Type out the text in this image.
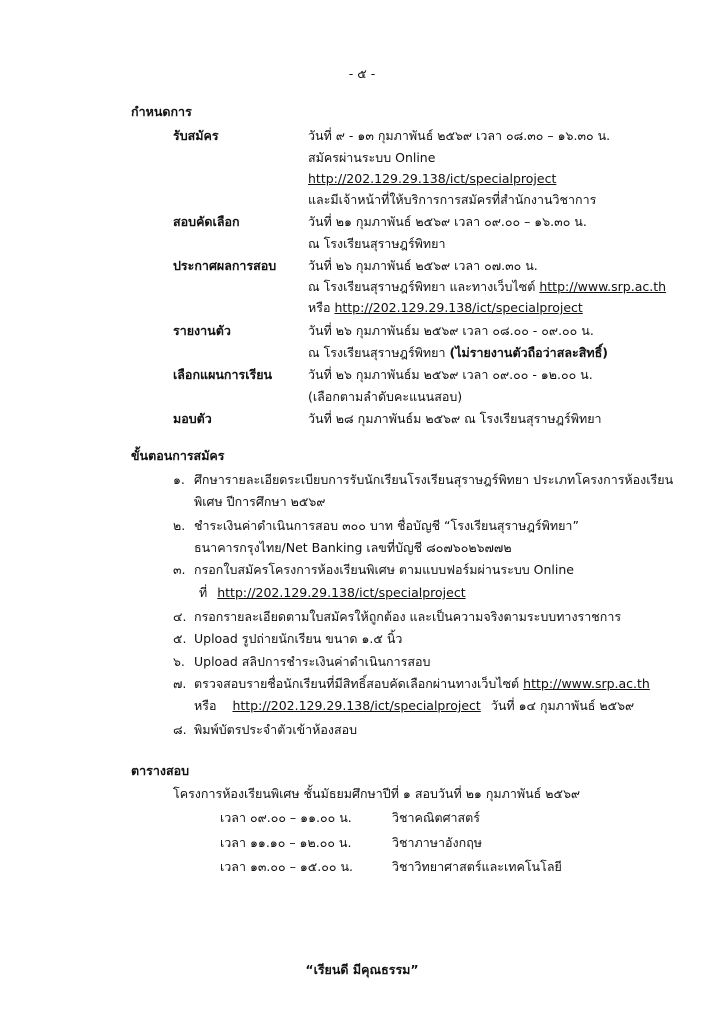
- ๕ -
กำหนดการ
รับสมัคร	วันที่ ๙ - ๑๓ กุมภาพันธ์ ๒๕๖๙ เวลา ๐๘.๓๐ – ๑๖.๓๐ น.
สมัครผ่านระบบ Online
http://202.129.29.138/ict/specialproject
และมีเจ้าหน้าที่ให้บริการการสมัครที่สำนักงานวิชาการ
สอบคัดเลือก	วันที่ ๒๑ กุมภาพันธ์ ๒๕๖๙ เวลา ๐๙.๐๐ – ๑๖.๓๐ น.
ณ โรงเรียนสุราษฎร์พิทยา
ประกาศผลการสอบ	วันที่ ๒๖ กุมภาพันธ์ ๒๕๖๙ เวลา ๐๗.๓๐ น.
ณ โรงเรียนสุราษฎร์พิทยา และทางเว็บไซต์ http://www.srp.ac.th
หรือ http://202.129.29.138/ict/specialproject
รายงานตัว	วันที่ ๒๖ กุมภาพันธ์ม ๒๕๖๙ เวลา ๐๘.๐๐ - ๐๙.๐๐ น.
ณ โรงเรียนสุราษฎร์พิทยา (ไม่รายงานตัวถือว่าสละสิทธิ์)
เลือกแผนการเรียน	วันที่ ๒๖ กุมภาพันธ์ม ๒๕๖๙ เวลา ๐๙.๐๐ - ๑๒.๐๐ น.
(เลือกตามลำดับคะแนนสอบ)
มอบตัว	วันที่ ๒๘ กุมภาพันธ์ม ๒๕๖๙ ณ โรงเรียนสุราษฎร์พิทยา
ขั้นตอนการสมัคร
๑. ศึกษารายละเอียดระเบียบการรับนักเรียนโรงเรียนสุราษฎร์พิทยา ประเภทโครงการห้องเรียน
พิเศษ ปีการศึกษา ๒๕๖๙
๒. ชำระเงินค่าดำเนินการสอบ ๓๐๐ บาท ชื่อบัญชี “โรงเรียนสุราษฎร์พิทยา”
ธนาคารกรุงไทย/Net Banking เลขที่บัญชี ๘๐๗๖๐๒๖๗๗๒
๓. กรอกใบสมัครโครงการห้องเรียนพิเศษ ตามแบบฟอร์มผ่านระบบ Online
ที่ http://202.129.29.138/ict/specialproject
๔. กรอกรายละเอียดตามใบสมัครให้ถูกต้อง และเป็นความจริงตามระบบทางราชการ
๕. Upload รูปถ่ายนักเรียน ขนาด ๑.๕ นิ้ว
๖. Upload สลิปการชำระเงินค่าดำเนินการสอบ
๗. ตรวจสอบรายชื่อนักเรียนที่มีสิทธิ์สอบคัดเลือกผ่านทางเว็บไซต์ http://www.srp.ac.th
หรือ http://202.129.29.138/ict/specialproject วันที่ ๑๔ กุมภาพันธ์ ๒๕๖๙
๘. พิมพ์บัตรประจำตัวเข้าห้องสอบ
ตารางสอบ
โครงการห้องเรียนพิเศษ ชั้นมัธยมศึกษาปีที่ ๑ สอบวันที่ ๒๑ กุมภาพันธ์ ๒๕๖๙
เวลา ๐๙.๐๐ – ๑๑.๐๐ น.	วิชาคณิตศาสตร์
เวลา ๑๑.๑๐ – ๑๒.๐๐ น.	วิชาภาษาอังกฤษ
เวลา ๑๓.๐๐ – ๑๕.๐๐ น.	วิชาวิทยาศาสตร์และเทคโนโลยี
“เรียนดี มีคุณธรรม”
